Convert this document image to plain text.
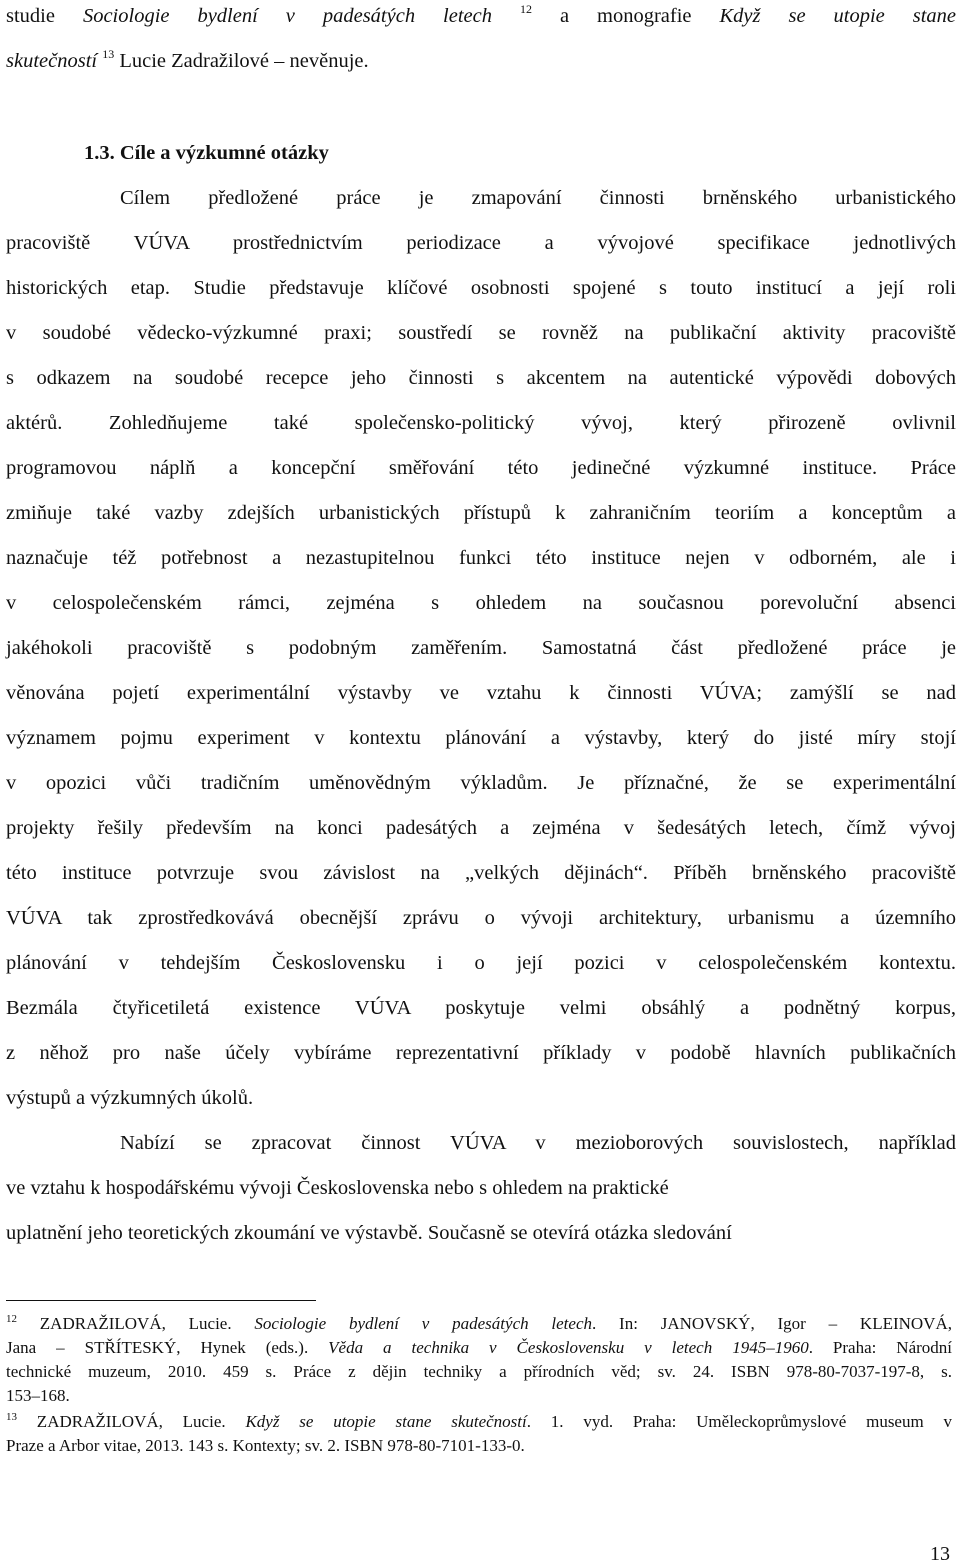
studie Sociologie bydlení v padesátých letech $^{12}$ a monografie Když se utopie stane
skutečností $^{13}$ Lucie Zadražilové – nevěnuje.
1.3. Cíle a výzkumné otázky
Cílem předložené práce je zmapování činnosti brněnského urbanistického
pracoviště VÚVA prostřednictvím periodizace a vývojové specifikace jednotlivých
historických etap. Studie představuje klíčové osobnosti spojené s touto institucí a její roli
v soudobé vědecko-výzkumné praxi; soustředí se rovněž na publikační aktivity pracoviště
s odkazem na soudobé recepce jeho činnosti s akcentem na autentické výpovědi dobových
aktérů. Zohledňujeme také společensko-politický vývoj, který přirozeně ovlivnil
programovou náplň a koncepční směřování této jedinečné výzkumné instituce. Práce
zmiňuje také vazby zdejších urbanistických přístupů k zahraničním teoriím a konceptům a
naznačuje též potřebnost a nezastupitelnou funkci této instituce nejen v odborném, ale i
v celospolečenském rámci, zejména s ohledem na současnou porevoluční absenci
jakéhokoli pracoviště s podobným zaměřením. Samostatná část předložené práce je
věnována pojetí experimentální výstavby ve vztahu k činnosti VÚVA; zamýšlí se nad
významem pojmu experiment v kontextu plánování a výstavby, který do jisté míry stojí
v opozici vůči tradičním uměnovědným výkladům. Je příznačné, že se experimentální
projekty řešily především na konci padesátých a zejména v šedesátých letech, čímž vývoj
této instituce potvrzuje svou závislost na „velkých dějinách“. Příběh brněnského pracoviště
VÚVA tak zprostředkovává obecnější zprávu o vývoji architektury, urbanismu a územního
plánování v tehdejším Československu i o její pozici v celospolečenském kontextu.
Bezmála čtyřicetiletá existence VÚVA poskytuje velmi obsáhlý a podnětný korpus,
z něhož pro naše účely vybíráme reprezentativní příklady v podobě hlavních publikačních
výstupů a výzkumných úkolů.
Nabízí se zpracovat činnost VÚVA v mezioborových souvislostech, například
ve vztahu k hospodářskému vývoji Československa nebo s ohledem na praktické
uplatnění jeho teoretických zkoumání ve výstavbě. Současně se otevírá otázka sledování
$^{12}$ ZADRAŽILOVÁ, Lucie. Sociologie bydlení v padesátých letech. In: JANOVSKÝ, Igor – KLEINOVÁ,
Jana – STŘÍTESKÝ, Hynek (eds.). Věda a technika v Československu v letech 1945–1960. Praha: Národní
technické muzeum, 2010. 459 s. Práce z dějin techniky a přírodních věd; sv. 24. ISBN 978-80-7037-197-8, s.
153–168.
$^{13}$ ZADRAŽILOVÁ, Lucie. Když se utopie stane skutečností. 1. vyd. Praha: Uměleckoprůmyslové museum v
Praze a Arbor vitae, 2013. 143 s. Kontexty; sv. 2. ISBN 978-80-7101-133-0.
13
